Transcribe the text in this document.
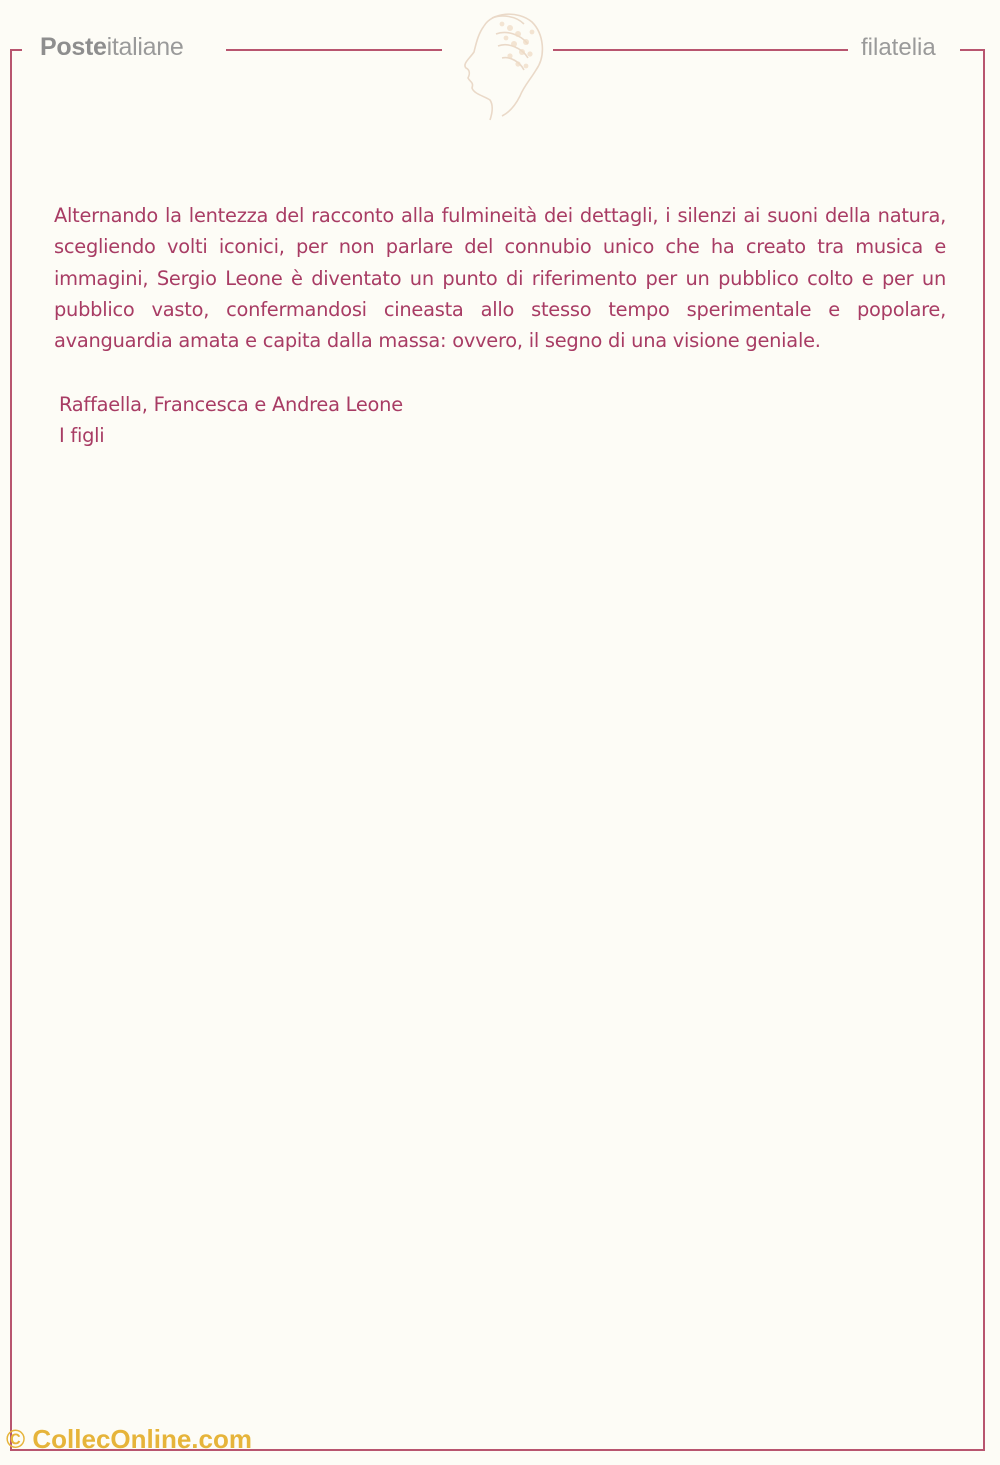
Posteitaliane	filatelia

Alternando la lentezza del racconto alla fulmineità dei dettagli, i silenzi ai suoni della natura, scegliendo volti iconici, per non parlare del connubio unico che ha creato tra musica e immagini, Sergio Leone è diventato un punto di riferimento per un pubblico colto e per un pubblico vasto, confermandosi cineasta allo stesso tempo sperimentale e popolare, avanguardia amata e capita dalla massa: ovvero, il segno di una visione geniale.

Raffaella, Francesca e Andrea Leone
I figli
© CollecOnline.com
